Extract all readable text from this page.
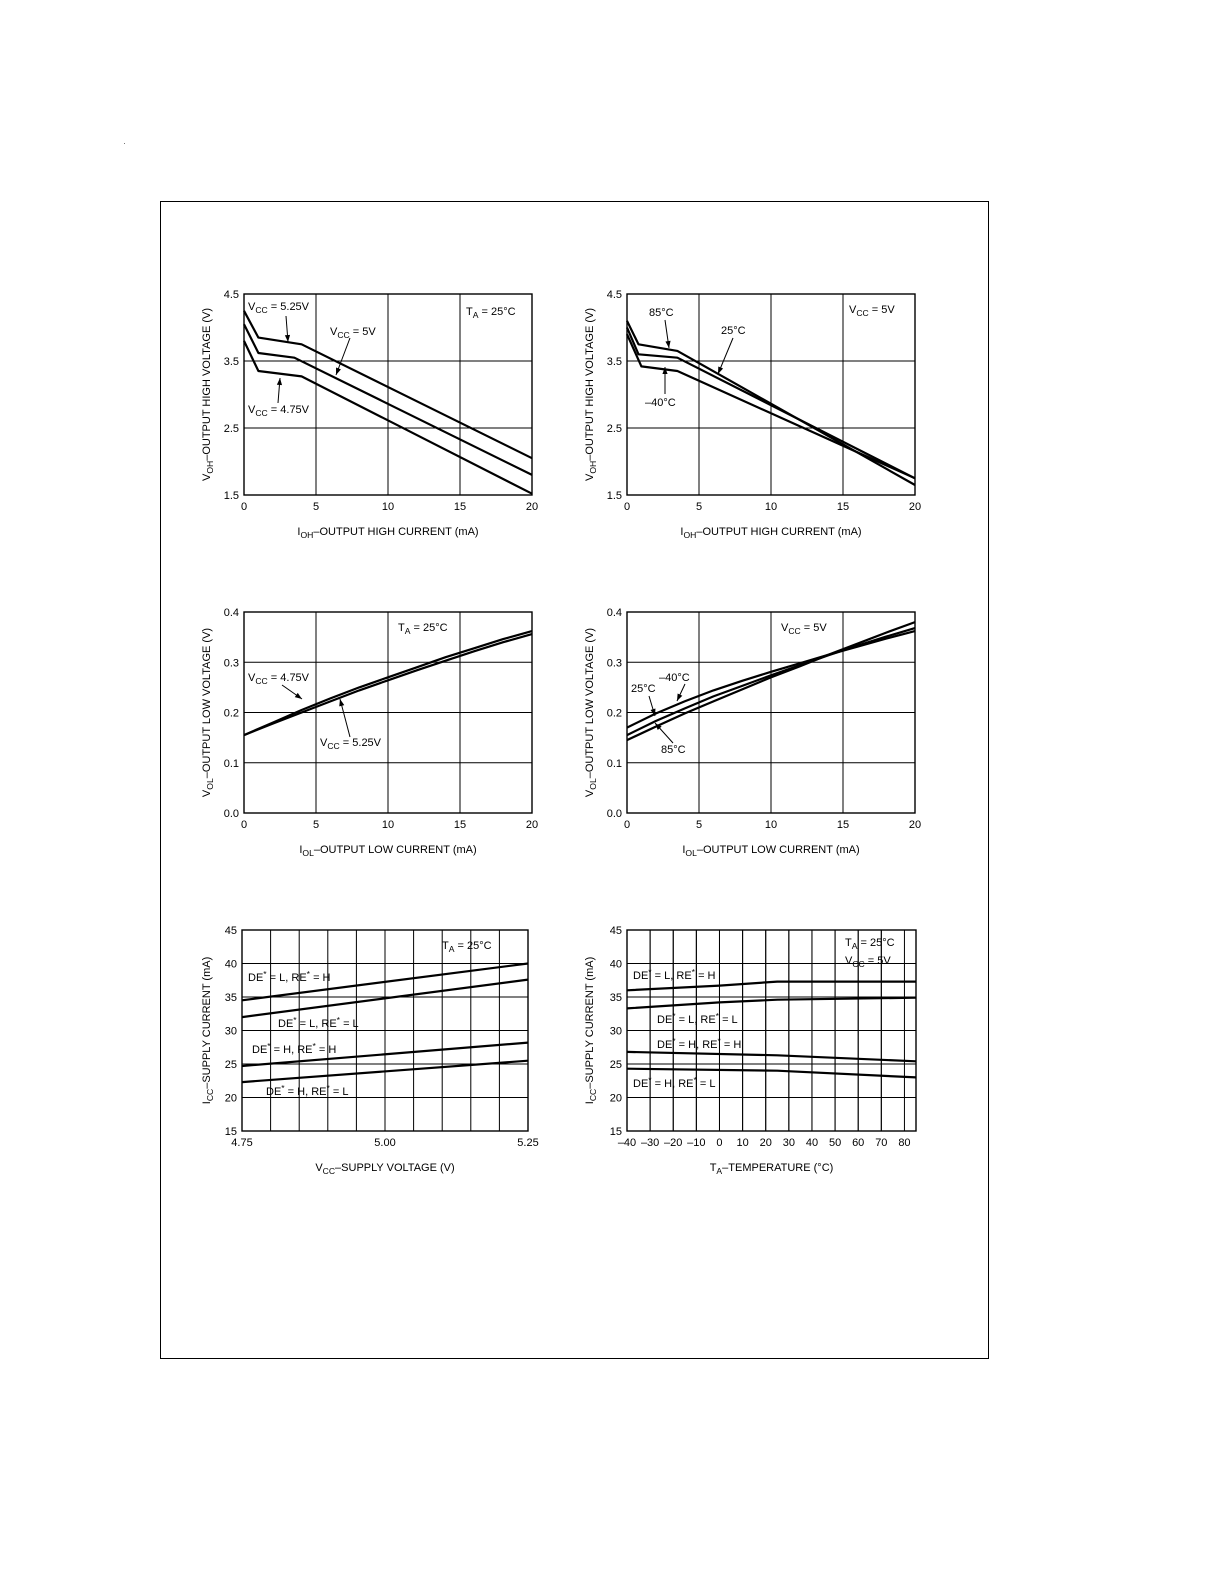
0	5	10	15	20
1.5
2.5
3.5
4.5
$I_{OH}$–OUTPUT HIGH CURRENT (mA)
$V_{OH}$–OUTPUT HIGH VOLTAGE (V)
$V_{CC} = 5.25V$
$V_{CC} = 5V$
$V_{CC} = 4.75V$
$T_A = 25^\circ C$
0	5	10	15	20
1.5
2.5
3.5
4.5
$I_{OH}$–OUTPUT HIGH CURRENT (mA)
$V_{OH}$–OUTPUT HIGH VOLTAGE (V)	85°C
25°C
–40°C
$V_{CC} = 5V$
0	5	10	15	20
0.0
0.1
0.2
0.3
0.4
$I_{OL}$–OUTPUT LOW CURRENT (mA)
$V_{OL}$–OUTPUT LOW VOLTAGE (V)	$T_A = 25^\circ C$
$V_{CC} = 4.75V$
$V_{CC} = 5.25V$
0	5	10	15	20
0.0
0.1
0.2
0.3
0.4
$I_{OL}$–OUTPUT LOW CURRENT (mA)
$V_{OL}$–OUTPUT LOW VOLTAGE (V)	$V_{CC} = 5V$
25°C
–40°C
85°C
4.75	5.00	5.25
15
20
25
30
35
40
45
$V_{CC}$–SUPPLY VOLTAGE (V)
$I_{CC}$–SUPPLY CURRENT (mA)
$T_A = 25^\circ C$
DE* = L, RE* = H
DE* = L, RE* = L
DE* = H, RE* = H
DE* = H, RE* = L
–40 –30 –20 –10 0 10 20 30 40 50 60 70 80
15
20
25
30
35
40
45
$T_A$–TEMPERATURE (°C)
$I_{CC}$–SUPPLY CURRENT (mA)
$T_A = 25^\circ C$
$V_{CC} = 5V$
DE* = L, RE* = H
DE* = L, RE* = L
DE* = H, RE* = H
DE* = H, RE* = L
